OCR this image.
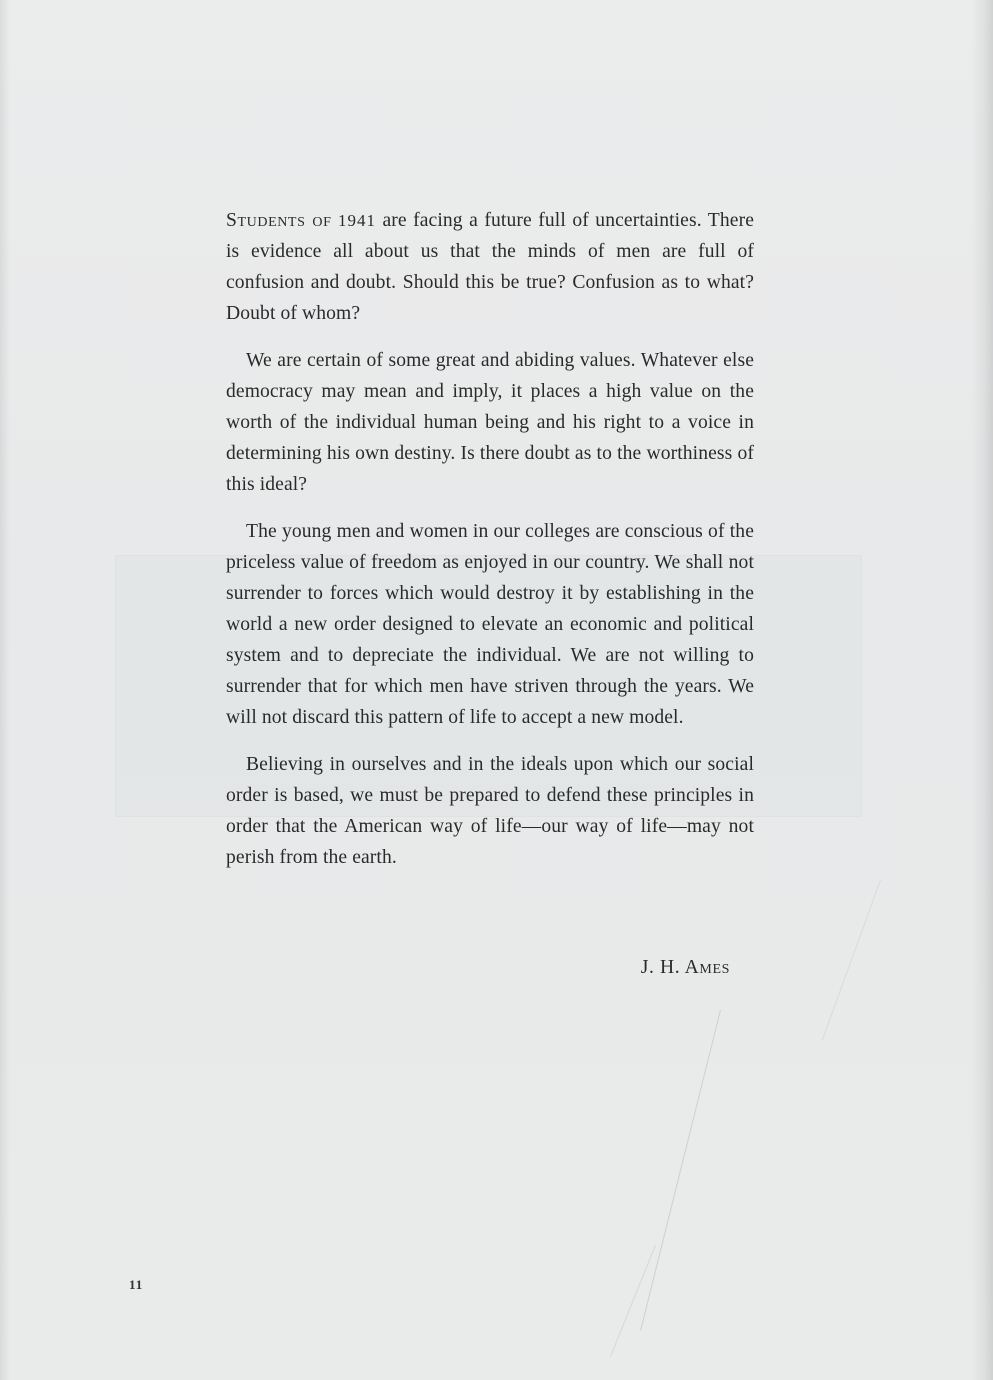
Students of 1941 are facing a future full of uncertainties. There is evidence all about us that the minds of men are full of confusion and doubt. Should this be true? Confusion as to what? Doubt of whom?

We are certain of some great and abiding values. Whatever else democracy may mean and imply, it places a high value on the worth of the individual human being and his right to a voice in determining his own destiny. Is there doubt as to the worthiness of this ideal?

The young men and women in our colleges are conscious of the priceless value of freedom as enjoyed in our country. We shall not surrender to forces which would destroy it by establishing in the world a new order designed to elevate an economic and political system and to depreciate the individual. We are not willing to surrender that for which men have striven through the years. We will not discard this pattern of life to accept a new model.

Believing in ourselves and in the ideals upon which our social order is based, we must be prepared to defend these principles in order that the American way of life—our way of life—may not perish from the earth.

J. H. Ames
11
